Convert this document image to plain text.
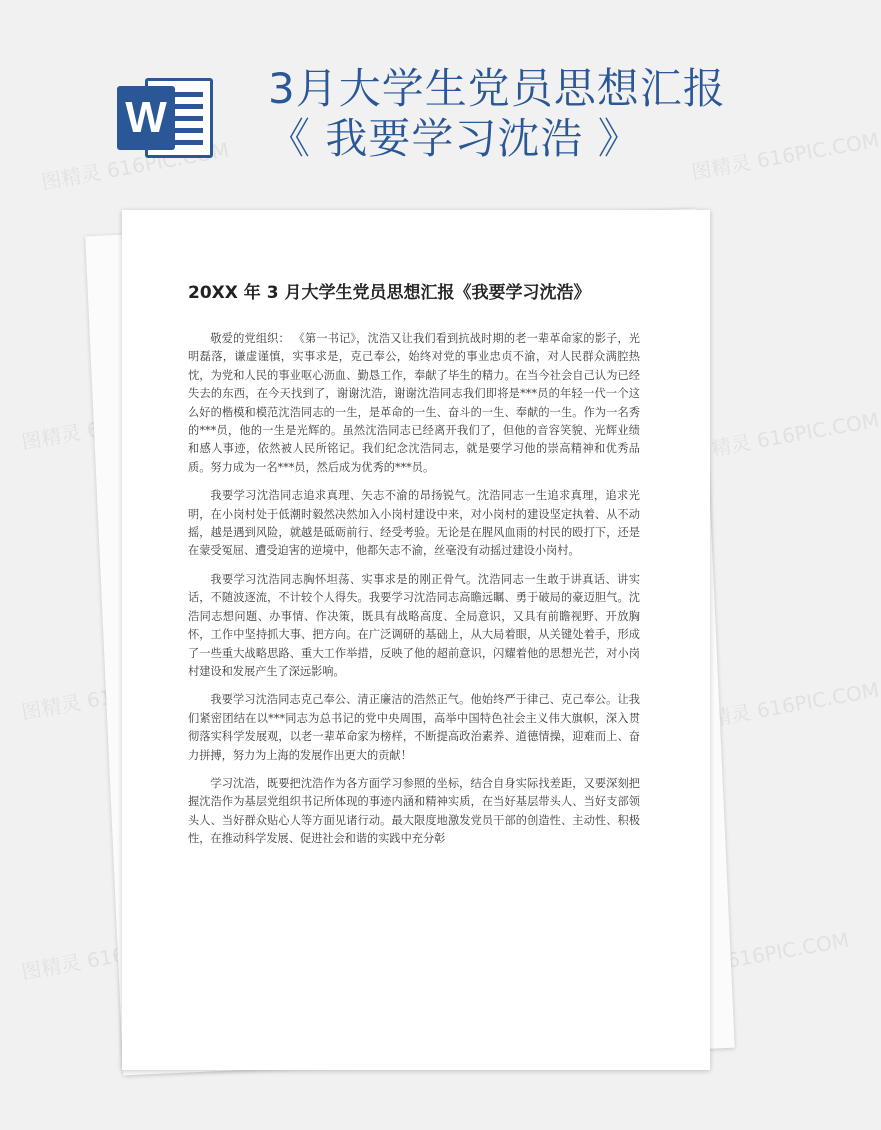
图精灵 616PIC.COM	图精灵 616PIC.COM
图精灵	图精灵 616PIC.COM
图精灵	图精灵 616PIC.COM
图精灵 616PIC.COM	图精灵 616PIC.COM
W
3月大学生党员思想汇报《 我要学习沈浩 》
20XX 年 3 月大学生党员思想汇报《我要学习沈浩》

敬爱的党组织： 《第一书记》，沈浩又让我们看到抗战时期的老一辈革命家的影子，光明磊落，谦虚谨慎，实事求是，克己奉公，始终对党的事业忠贞不渝，对人民群众满腔热忱，为党和人民的事业呕心沥血、勤恳工作，奉献了毕生的精力。在当今社会自己认为已经失去的东西，在今天找到了，谢谢沈浩，谢谢沈浩同志我们即将是***员的年轻一代一个这么好的楷模和模范沈浩同志的一生，是革命的一生、奋斗的一生、奉献的一生。作为一名秀的***员，他的一生是光辉的。虽然沈浩同志已经离开我们了，但他的音容笑貌、光辉业绩和感人事迹，依然被人民所铭记。我们纪念沈浩同志，就是要学习他的崇高精神和优秀品质。努力成为一名***员，然后成为优秀的***员。

我要学习沈浩同志追求真理、矢志不渝的昂扬锐气。沈浩同志一生追求真理，追求光明，在小岗村处于低潮时毅然决然加入小岗村建设中来，对小岗村的建设坚定执着、从不动摇，越是遇到风险，就越是砥砺前行、经受考验。无论是在腥风血雨的村民的殴打下，还是在蒙受冤屈、遭受迫害的逆境中，他都矢志不渝，丝毫没有动摇过建设小岗村。

我要学习沈浩同志胸怀坦荡、实事求是的刚正骨气。沈浩同志一生敢于讲真话、讲实话，不随波逐流，不计较个人得失。我要学习沈浩同志高瞻远瞩、勇于破局的豪迈胆气。沈浩同志想问题、办事情、作决策，既具有战略高度、全局意识，又具有前瞻视野、开放胸怀，工作中坚持抓大事、把方向。在广泛调研的基础上，从大局着眼，从关键处着手，形成了一些重大战略思路、重大工作举措，反映了他的超前意识，闪耀着他的思想光芒，对小岗村建设和发展产生了深远影响。

我要学习沈浩同志克己奉公、清正廉洁的浩然正气。他始终严于律己、克己奉公。让我们紧密团结在以***同志为总书记的党中央周围，高举中国特色社会主义伟大旗帜，深入贯彻落实科学发展观，以老一辈革命家为榜样，不断提高政治素养、道德情操，迎难而上、奋力拼搏，努力为上海的发展作出更大的贡献！

学习沈浩，既要把沈浩作为各方面学习参照的坐标，结合自身实际找差距，又要深刻把握沈浩作为基层党组织书记所体现的事迹内涵和精神实质，在当好基层带头人、当好支部领头人、当好群众贴心人等方面见诸行动。最大限度地激发党员干部的创造性、主动性、积极性，在推动科学发展、促进社会和谐的实践中充分彰
